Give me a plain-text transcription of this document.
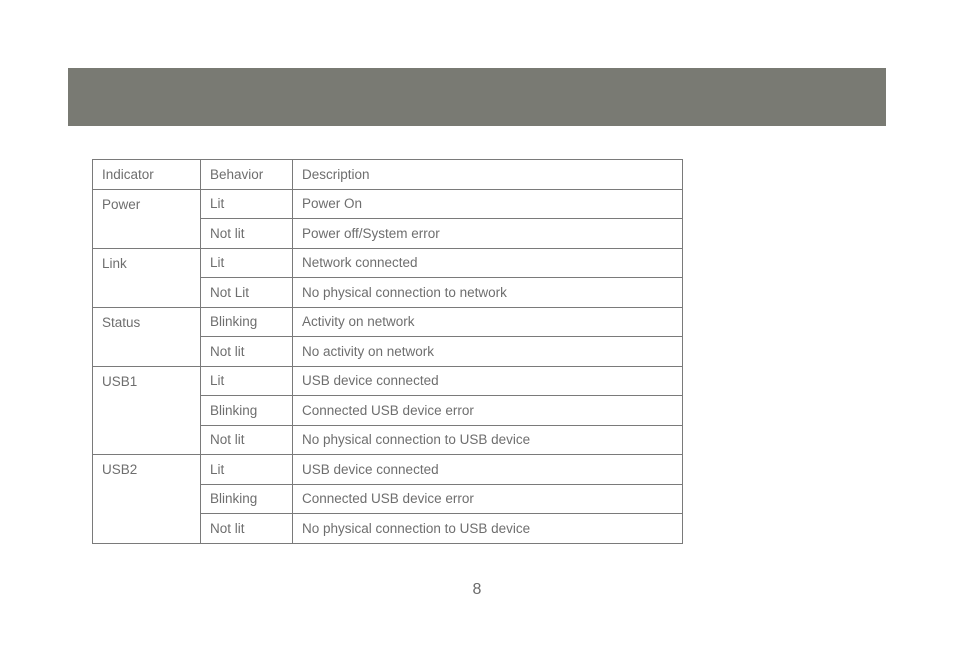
Indicator	Behavior	Description
Power	Lit	Power On
	Not lit	Power off/System error
Link	Lit	Network connected
	Not Lit	No physical connection to network
Status	Blinking	Activity on network
	Not lit	No activity on network
USB1	Lit	USB device connected
	Blinking	Connected USB device error
	Not lit	No physical connection to USB device
USB2	Lit	USB device connected
	Blinking	Connected USB device error
	Not lit	No physical connection to USB device
8
